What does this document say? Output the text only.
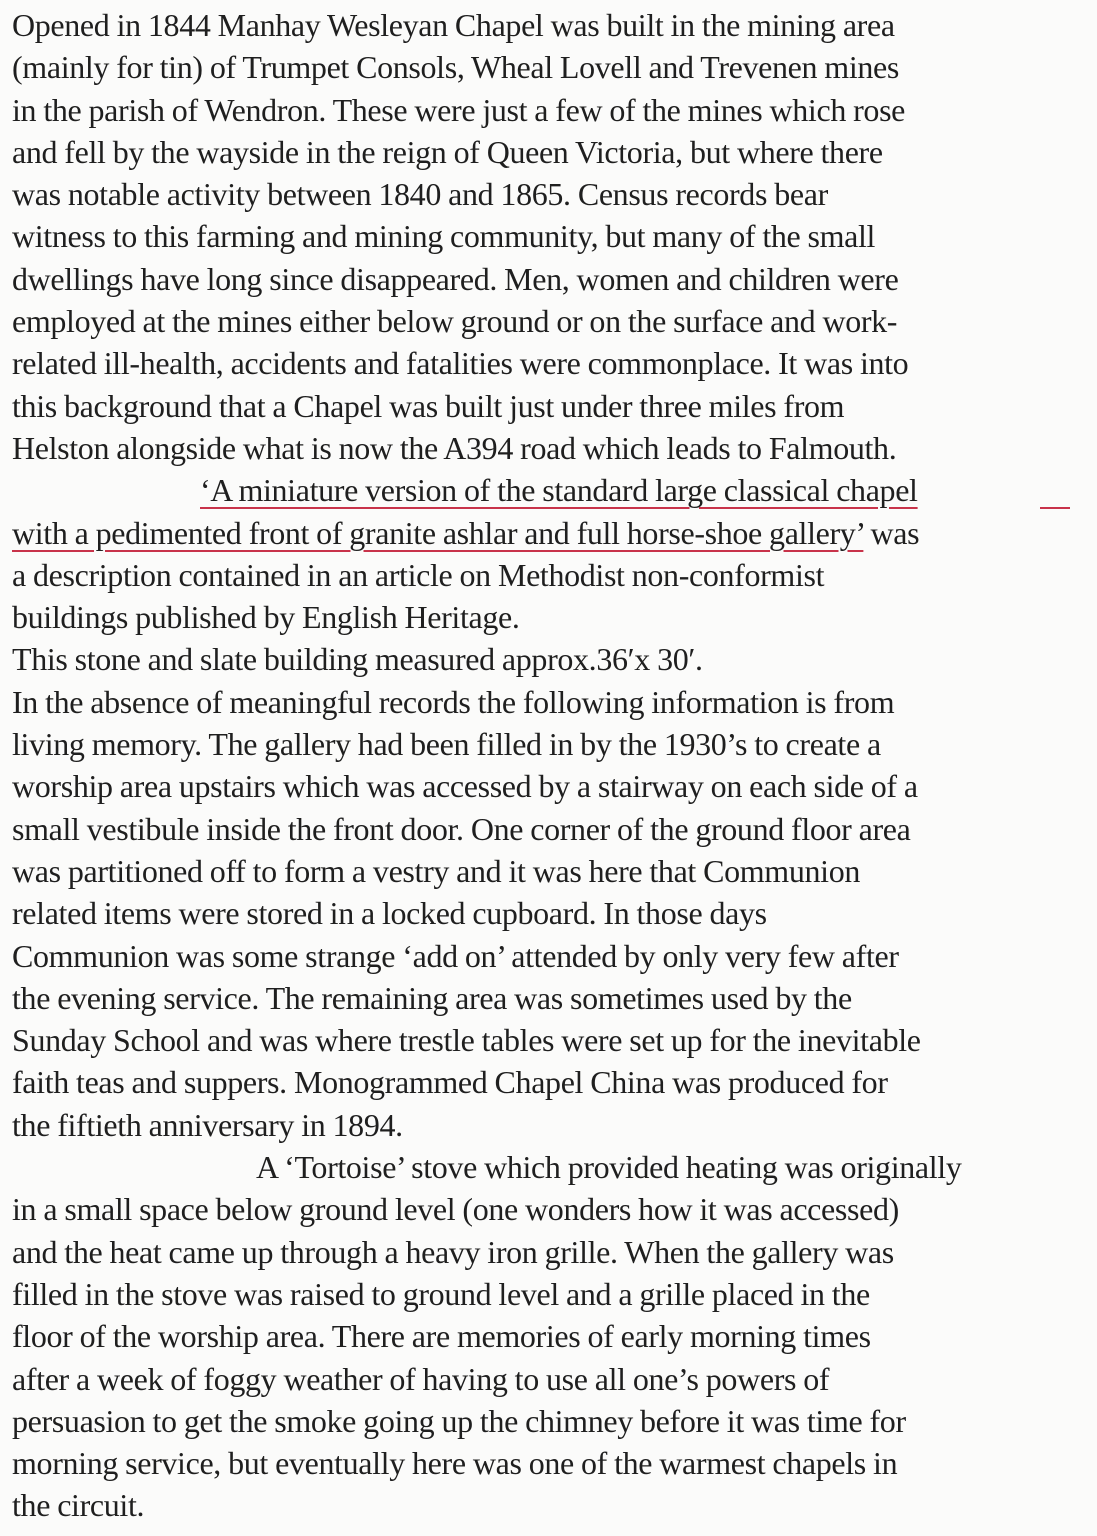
Opened in 1844 Manhay Wesleyan Chapel was built in the mining area
(mainly for tin) of Trumpet Consols, Wheal Lovell and Trevenen mines
in the parish of Wendron. These were just a few of the mines which rose
and fell by the wayside in the reign of Queen Victoria, but where there
was notable activity between 1840 and 1865. Census records bear
witness to this farming and mining community, but many of the small
dwellings have long since disappeared. Men, women and children were
employed at the mines either below ground or on the surface and work-
related ill-health, accidents and fatalities were commonplace. It was into
this background that a Chapel was built just under three miles from
Helston alongside what is now the A394 road which leads to Falmouth.
‘A miniature version of the standard large classical chapel
with a pedimented front of granite ashlar and full horse-shoe gallery’ was
a description contained in an article on Methodist non-conformist
buildings published by English Heritage.
This stone and slate building measured approx.36′x 30′.
In the absence of meaningful records the following information is from
living memory. The gallery had been filled in by the 1930’s to create a
worship area upstairs which was accessed by a stairway on each side of a
small vestibule inside the front door. One corner of the ground floor area
was partitioned off to form a vestry and it was here that Communion
related items were stored in a locked cupboard. In those days
Communion was some strange ‘add on’ attended by only very few after
the evening service. The remaining area was sometimes used by the
Sunday School and was where trestle tables were set up for the inevitable
faith teas and suppers. Monogrammed Chapel China was produced for
the fiftieth anniversary in 1894.
A ‘Tortoise’ stove which provided heating was originally
in a small space below ground level (one wonders how it was accessed)
and the heat came up through a heavy iron grille. When the gallery was
filled in the stove was raised to ground level and a grille placed in the
floor of the worship area. There are memories of early morning times
after a week of foggy weather of having to use all one’s powers of
persuasion to get the smoke going up the chimney before it was time for
morning service, but eventually here was one of the warmest chapels in
the circuit.
